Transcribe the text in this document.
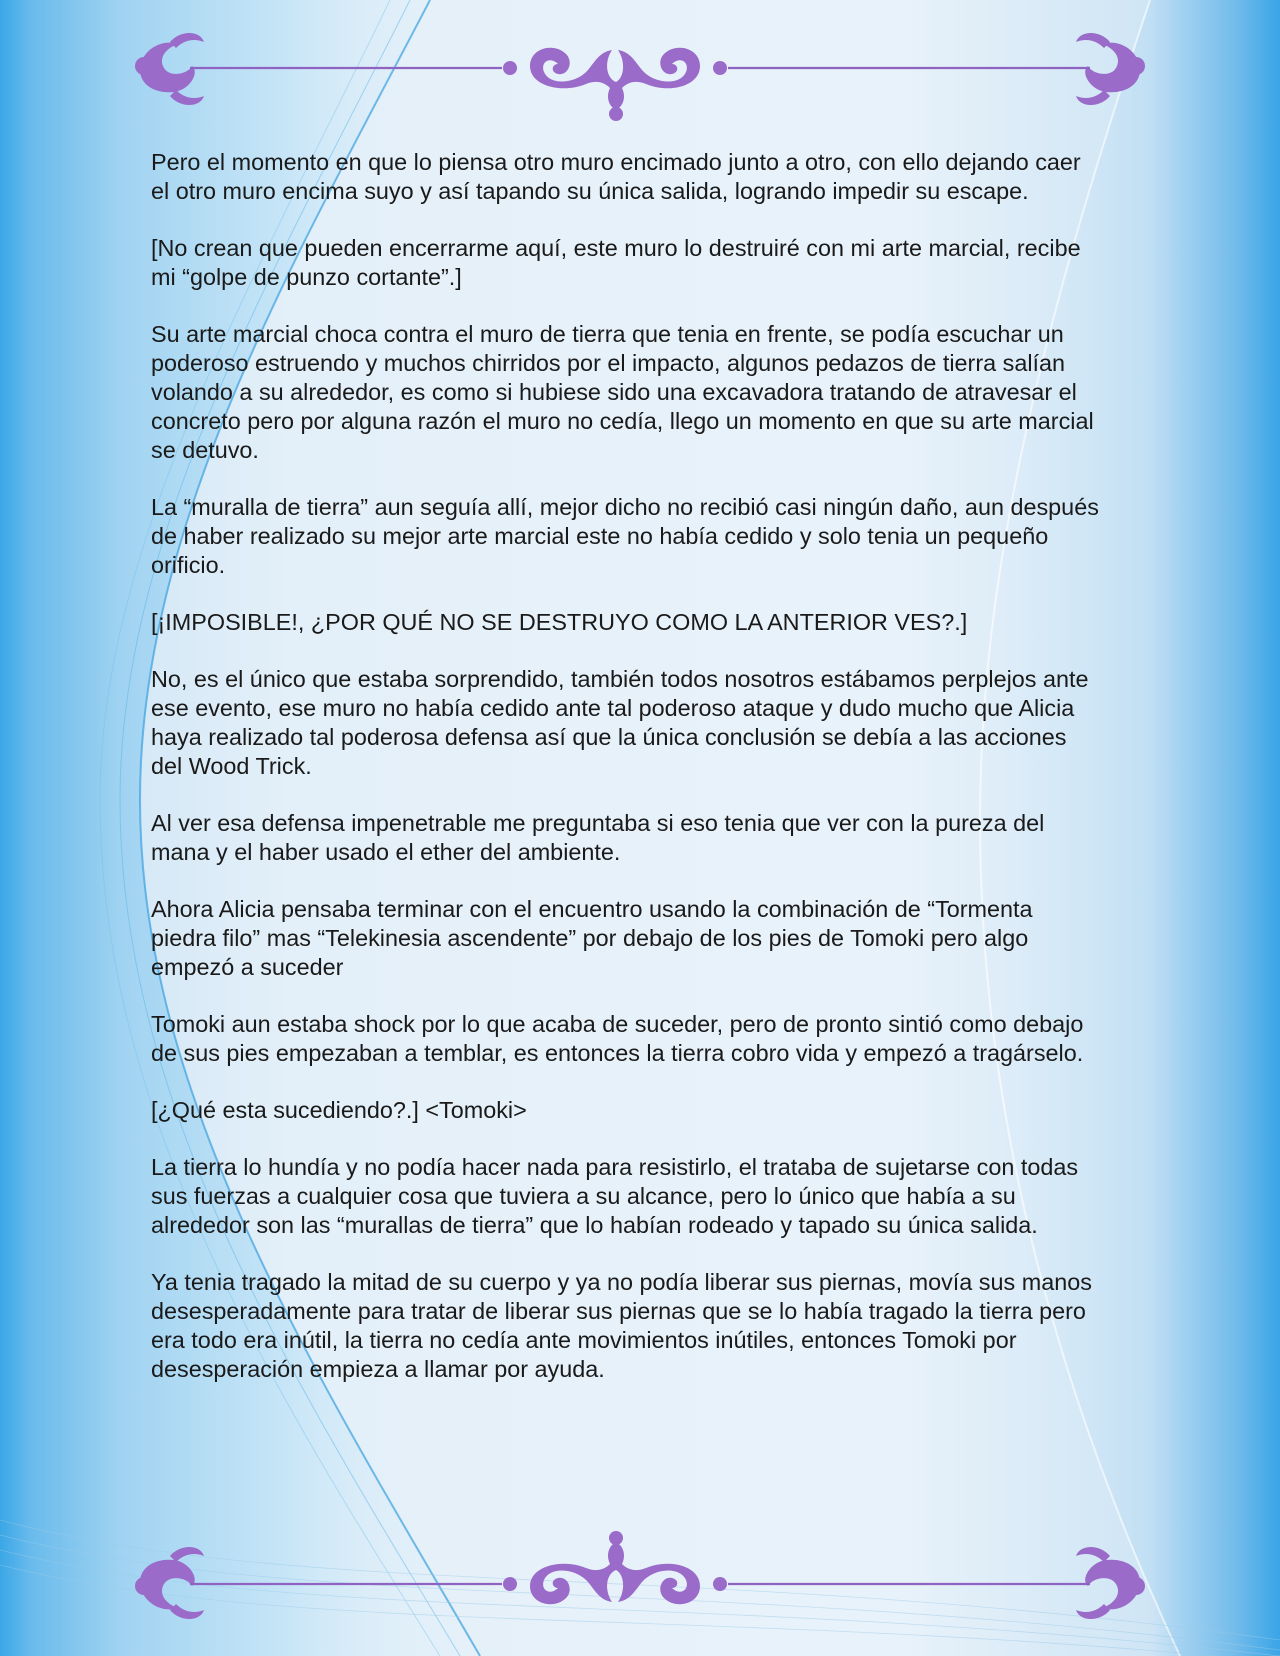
Pero el momento en que lo piensa otro muro encimado junto a otro, con ello dejando caer el otro muro encima suyo y así tapando su única salida, logrando impedir su escape.

[No crean que pueden encerrarme aquí, este muro lo destruiré con mi arte marcial, recibe mi “golpe de punzo cortante”.]

Su arte marcial choca contra el muro de tierra que tenia en frente, se podía escuchar un poderoso estruendo y muchos chirridos por el impacto, algunos pedazos de tierra salían volando a su alrededor, es como si hubiese sido una excavadora tratando de atravesar el concreto pero por alguna razón el muro no cedía, llego un momento en que su arte marcial se detuvo.

La “muralla de tierra” aun seguía allí, mejor dicho no recibió casi ningún daño, aun después de haber realizado su mejor arte marcial este no había cedido y solo tenia un pequeño orificio.

[¡IMPOSIBLE!, ¿POR QUÉ NO SE DESTRUYO COMO LA ANTERIOR VES?.]

No, es el único que estaba sorprendido, también todos nosotros estábamos perplejos ante ese evento, ese muro no había cedido ante tal poderoso ataque y dudo mucho que Alicia haya realizado tal poderosa defensa así que la única conclusión se debía a las acciones del Wood Trick.

Al ver esa defensa impenetrable me preguntaba si eso tenia que ver con la pureza del mana y el haber usado el ether del ambiente.

Ahora Alicia pensaba terminar con el encuentro usando la combinación de “Tormenta piedra filo” mas “Telekinesia ascendente” por debajo de los pies de Tomoki pero algo empezó a suceder

Tomoki aun estaba shock por lo que acaba de suceder, pero de pronto sintió como debajo de sus pies empezaban a temblar, es entonces la tierra cobro vida y empezó a tragárselo.

[¿Qué esta sucediendo?.] <Tomoki>

La tierra lo hundía y no podía hacer nada para resistirlo, el trataba de sujetarse con todas sus fuerzas a cualquier cosa que tuviera a su alcance, pero lo único que había a su alrededor son las “murallas de tierra” que lo habían rodeado y tapado su única salida.

Ya tenia tragado la mitad de su cuerpo y ya no podía liberar sus piernas, movía sus manos desesperadamente para tratar de liberar sus piernas que se lo había tragado la tierra pero era todo era inútil, la tierra no cedía ante movimientos inútiles, entonces Tomoki por desesperación empieza a llamar por ayuda.
